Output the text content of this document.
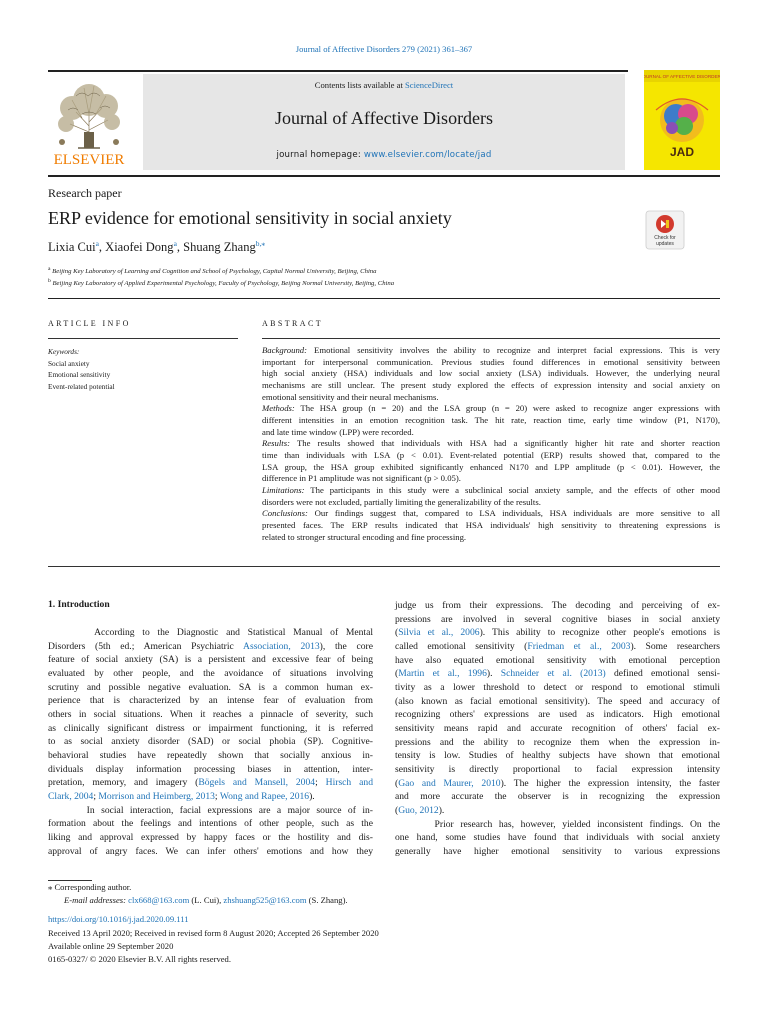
Journal of Affective Disorders 279 (2021) 361–367
Contents lists available at ScienceDirect
Journal of Affective Disorders
journal homepage: www.elsevier.com/locate/jad
ELSEVIER
JOURNAL OF AFFECTIVE DISORDERS
JAD
Research paper
ERP evidence for emotional sensitivity in social anxiety
Check for
updates
Lixia Cui$^a$, Xiaofei Dong$^a$, Shuang Zhang$^{b,⁎}$
$^a$ Beijing Key Laboratory of Learning and Cognition and School of Psychology, Capital Normal University, Beijing, China
$^b$ Beijing Key Laboratory of Applied Experimental Psychology, Faculty of Psychology, Beijing Normal University, Beijing, China
ARTICLE INFO	ABSTRACT
Keywords:
Social anxiety
Emotional sensitivity
Event-related potential
Background: Emotional sensitivity involves the ability to recognize and interpret facial expressions. This is very
important for interpersonal communication. Previous studies found differences in emotional sensitivity between
high social anxiety (HSA) individuals and low social anxiety (LSA) individuals. However, the underlying neural
mechanisms are still unclear. The present study explored the effects of expression intensity and social anxiety on
emotional sensitivity and their neural mechanisms.
Methods: The HSA group (n = 20) and the LSA group (n = 20) were asked to recognize anger expressions with
different intensities in an emotion recognition task. The hit rate, reaction time, early time window (P1, N170),
and late time window (LPP) were recorded.
Results: The results showed that individuals with HSA had a significantly higher hit rate and shorter reaction
time than individuals with LSA (p < 0.01). Event-related potential (ERP) results showed that, compared to the
LSA group, the HSA group exhibited significantly enhanced N170 and LPP amplitude (p < 0.01). However, the
difference in P1 amplitude was not significant (p > 0.05).
Limitations: The participants in this study were a subclinical social anxiety sample, and the effects of other mood
disorders were not excluded, partially limiting the generalizability of the results.
Conclusions: Our findings suggest that, compared to LSA individuals, HSA individuals are more sensitive to all
presented faces. The ERP results indicated that HSA individuals' high sensitivity to threatening expressions is
related to stronger structural encoding and fine processing.
1. Introduction
According to the Diagnostic and Statistical Manual of Mental
Disorders (5th ed.; American Psychiatric Association, 2013), the core
feature of social anxiety (SA) is a persistent and excessive fear of being
evaluated by other people, and the avoidance of situations involving
scrutiny and possible negative evaluation. SA is a common human ex-
perience that is characterized by an intense fear of evaluation from
others in social situations. When it reaches a pinnacle of severity, such
as clinically significant distress or impairment functioning, it is referred
to as social anxiety disorder (SAD) or social phobia (SP). Cognitive-
behavioral studies have repeatedly shown that socially anxious in-
dividuals display information processing biases in attention, inter-
pretation, memory, and imagery (Bögels and Mansell, 2004; Hirsch and
Clark, 2004; Morrison and Heimberg, 2013; Wong and Rapee, 2016).
In social interaction, facial expressions are a major source of in-
formation about the feelings and intentions of other people, such as the
liking and approval expressed by happy faces or the hostility and dis-
approval of angry faces. We can infer others' emotions and how they
judge us from their expressions. The decoding and perceiving of ex-
pressions are involved in several cognitive biases in social anxiety
(Silvia et al., 2006). This ability to recognize other people's emotions is
called emotional sensitivity (Friedman et al., 2003). Some researchers
have also equated emotional sensitivity with emotional perception
(Martin et al., 1996). Schneider et al. (2013) defined emotional sensi-
tivity as a lower threshold to detect or respond to emotional stimuli
(also known as facial emotional sensitivity). The speed and accuracy of
recognizing others' expressions are used as indicators. High emotional
sensitivity means rapid and accurate recognition of others' facial ex-
pressions and the ability to recognize them when the expression in-
tensity is low. Studies of healthy subjects have shown that emotional
sensitivity is directly proportional to facial expression intensity
(Gao and Maurer, 2010). The higher the expression intensity, the faster
and more accurate the observer is in recognizing the expression
(Guo, 2012).
Prior research has, however, yielded inconsistent findings. On the
one hand, some studies have found that individuals with social anxiety
generally have higher emotional sensitivity to various expressions
⁎ Corresponding author.
E-mail addresses: clx668@163.com (L. Cui), zhshuang525@163.com (S. Zhang).
https://doi.org/10.1016/j.jad.2020.09.111
Received 13 April 2020; Received in revised form 8 August 2020; Accepted 26 September 2020
Available online 29 September 2020
0165-0327/ © 2020 Elsevier B.V. All rights reserved.
